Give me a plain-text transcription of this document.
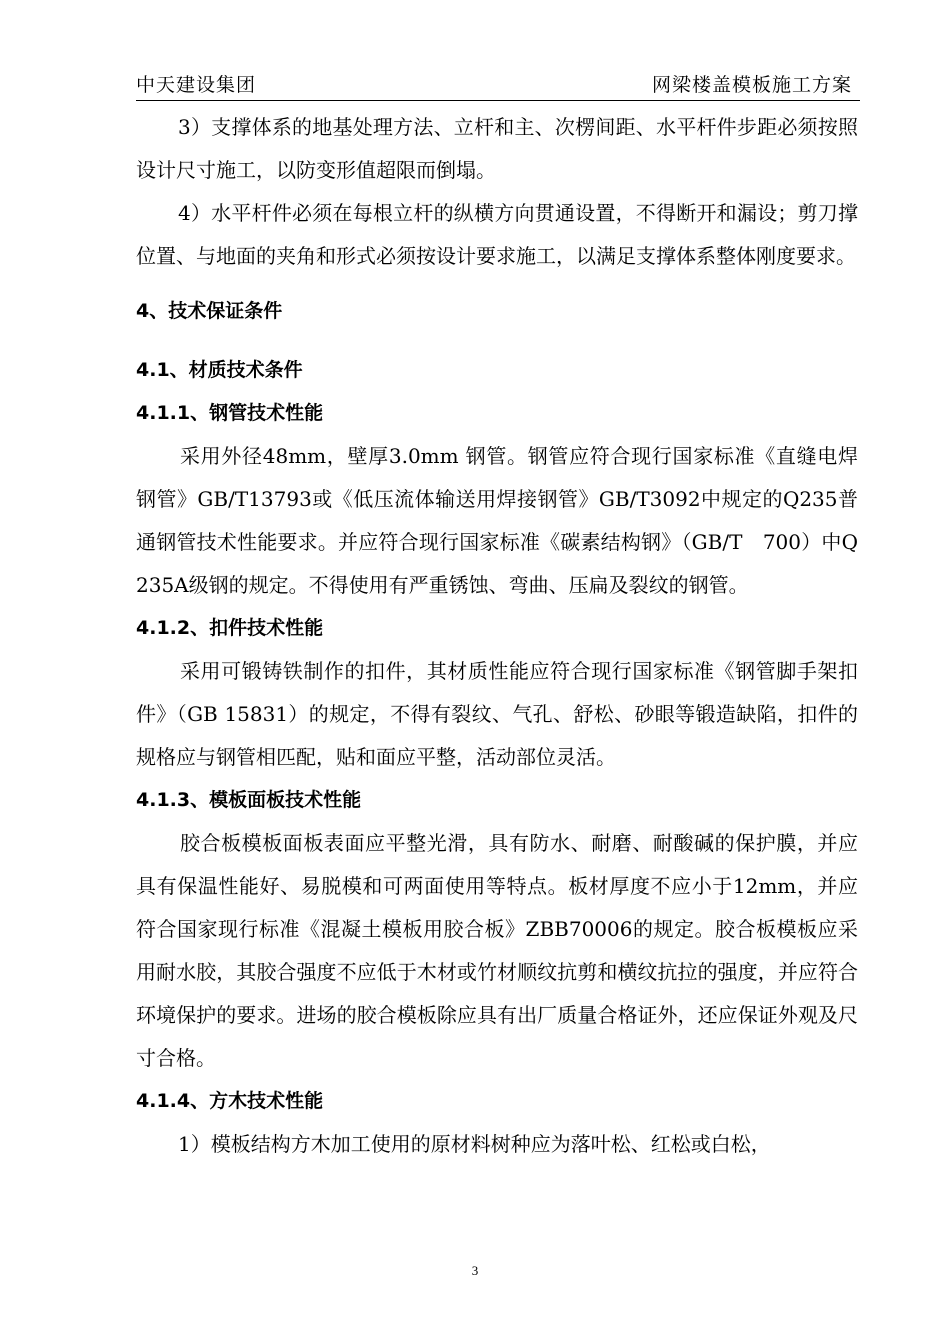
中天建设集团	网梁楼盖模板施工方案

3）支撑体系的地基处理方法、立杆和主、次楞间距、水平杆件步距必须按照设计尺寸施工，以防变形值超限而倒塌。

4）水平杆件必须在每根立杆的纵横方向贯通设置，不得断开和漏设；剪刀撑位置、与地面的夹角和形式必须按设计要求施工，以满足支撑体系整体刚度要求。

4、技术保证条件

4.1、材质技术条件

4.1.1、钢管技术性能

采用外径48mm，壁厚3.0mm 钢管。钢管应符合现行国家标准《直缝电焊钢管》GB/T13793或《低压流体输送用焊接钢管》GB/T3092中规定的Q235普通钢管技术性能要求。并应符合现行国家标准《碳素结构钢》（GB/T　700）中Q235A级钢的规定。不得使用有严重锈蚀、弯曲、压扁及裂纹的钢管。

4.1.2、扣件技术性能

采用可锻铸铁制作的扣件，其材质性能应符合现行国家标准《钢管脚手架扣件》（GB 15831）的规定，不得有裂纹、气孔、舒松、砂眼等锻造缺陷，扣件的规格应与钢管相匹配，贴和面应平整，活动部位灵活。

4.1.3、模板面板技术性能

胶合板模板面板表面应平整光滑，具有防水、耐磨、耐酸碱的保护膜，并应具有保温性能好、易脱模和可两面使用等特点。板材厚度不应小于12mm，并应符合国家现行标准《混凝土模板用胶合板》ZBB70006的规定。胶合板模板应采用耐水胶，其胶合强度不应低于木材或竹材顺纹抗剪和横纹抗拉的强度，并应符合环境保护的要求。进场的胶合模板除应具有出厂质量合格证外，还应保证外观及尺寸合格。

4.1.4、方木技术性能

1）模板结构方木加工使用的原材料树种应为落叶松、红松或白松，

3
